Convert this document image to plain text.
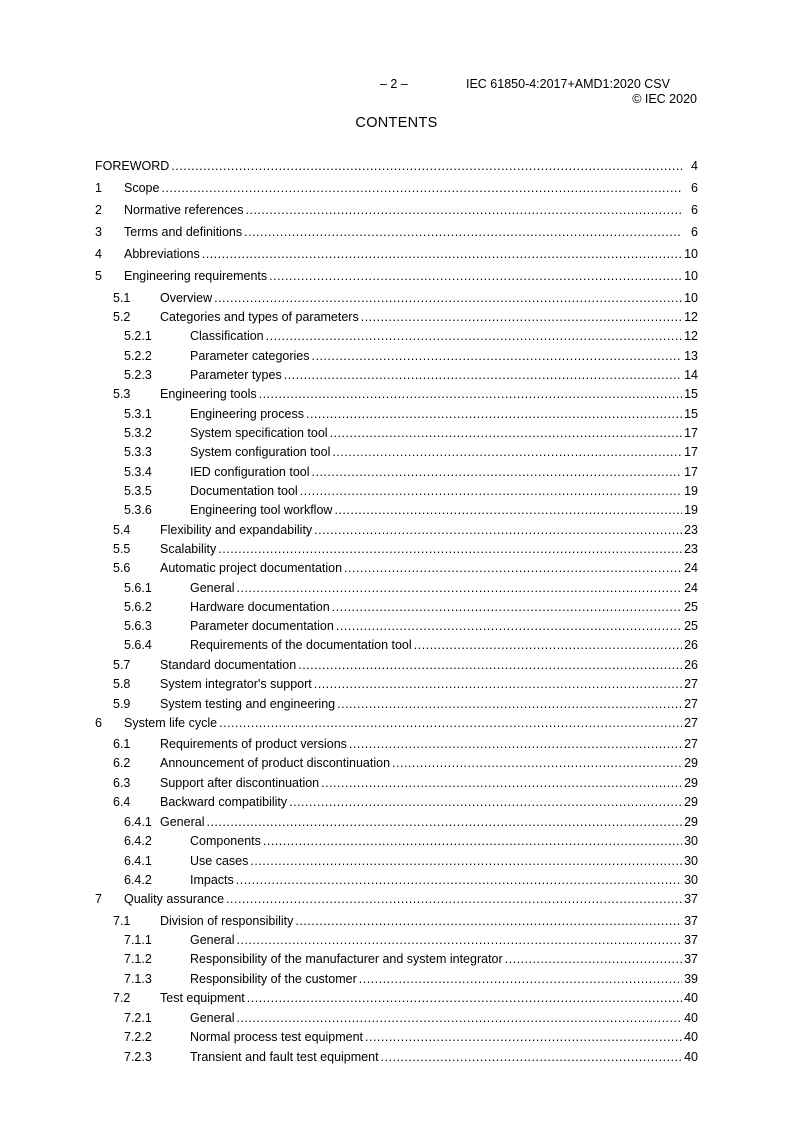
– 2 –	IEC 61850-4:2017+AMD1:2020 CSV
© IEC 2020
CONTENTS
FOREWORD .....	4
1 Scope .....	6
2 Normative references .....	6
3 Terms and definitions .....	6
4 Abbreviations .....	10
5 Engineering requirements .....	10
5.1 Overview .....	10
5.2 Categories and types of parameters .....	12
5.2.1	Classification .....	12
5.2.2	Parameter categories .....	13
5.2.3	Parameter types .....	14
5.3 Engineering tools .....	15
5.3.1	Engineering process .....	15
5.3.2	System specification tool .....	17
5.3.3	System configuration tool .....	17
5.3.4	IED configuration tool .....	17
5.3.5	Documentation tool .....	19
5.3.6	Engineering tool workflow .....	19
5.4 Flexibility and expandability .....	23
5.5 Scalability .....	23
5.6 Automatic project documentation .....	24
5.6.1	General .....	24
5.6.2	Hardware documentation .....	25
5.6.3	Parameter documentation .....	25
5.6.4	Requirements of the documentation tool .....	26
5.7 Standard documentation .....	26
5.8 System integrator's support .....	27
5.9 System testing and engineering .....	27
6 System life cycle .....	27
6.1 Requirements of product versions .....	27
6.2 Announcement of product discontinuation .....	29
6.3 Support after discontinuation .....	29
6.4 Backward compatibility .....	29
6.4.1 General .....	29
6.4.2	Components .....	30
6.4.1	Use cases .....	30
6.4.2	Impacts .....	30
7 Quality assurance .....	37
7.1 Division of responsibility .....	37
7.1.1	General .....	37
7.1.2	Responsibility of the manufacturer and system integrator .....	37
7.1.3	Responsibility of the customer .....	39
7.2 Test equipment .....	40
7.2.1	General .....	40
7.2.2	Normal process test equipment .....	40
7.2.3	Transient and fault test equipment .....	40
